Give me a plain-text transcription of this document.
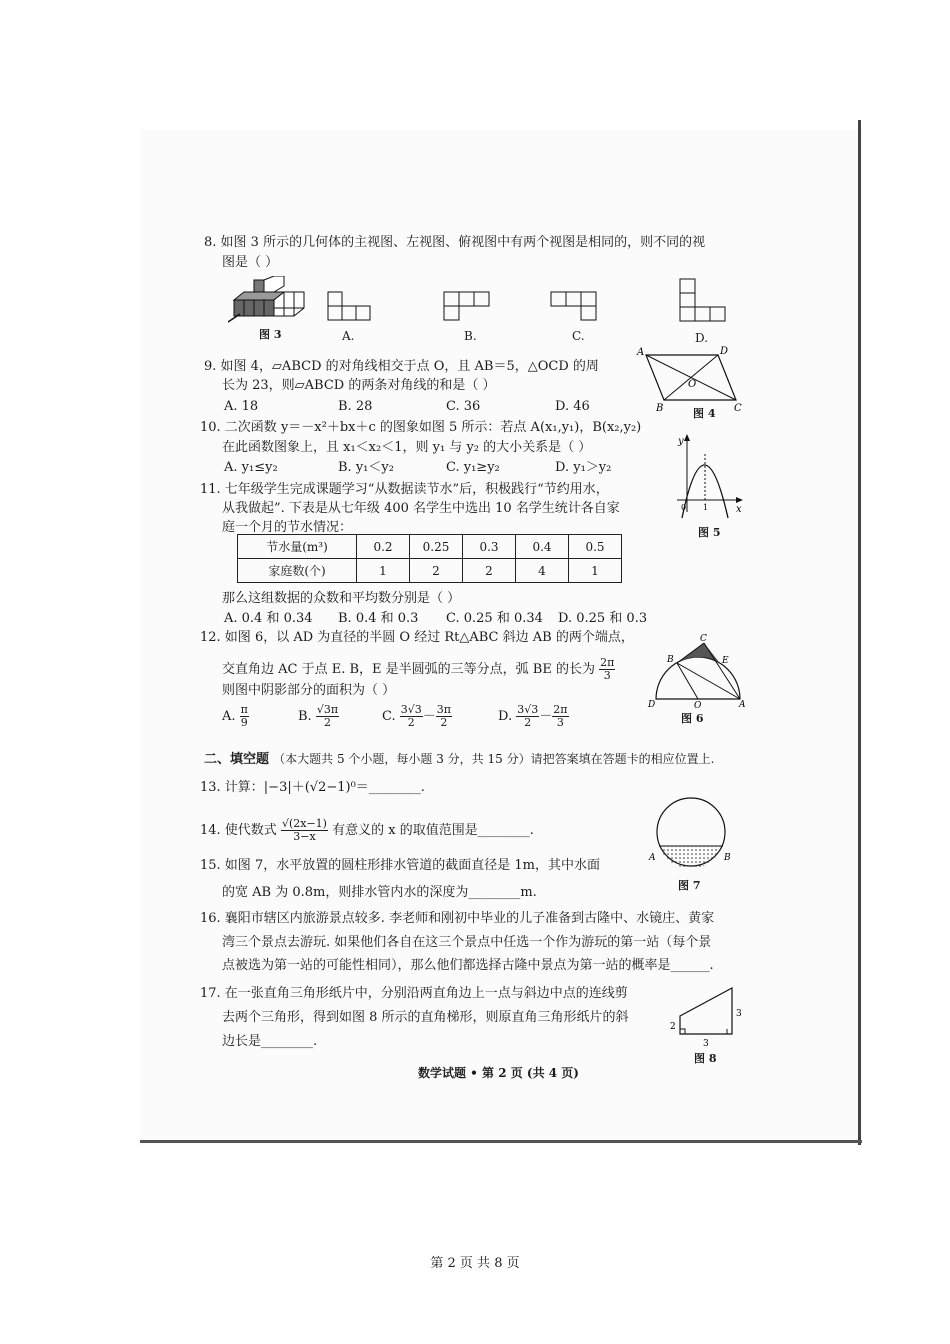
8. 如图 3 所示的几何体的主视图、左视图、俯视图中有两个视图是相同的，则不同的视
图是（ ）
图 3	A.	B.	C.	D.
9. 如图 4，▱ABCD 的对角线相交于点 O，且 AB＝5，△OCD 的周
长为 23，则▱ABCD 的两条对角线的和是（ ）
A. 18	B. 28	C. 36	D. 46
A	D
B	C
O
图 4
10. 二次函数 y＝－x²＋bx＋c 的图象如图 5 所示：若点 A(x₁,y₁)，B(x₂,y₂)
在此函数图象上，且 x₁＜x₂＜1，则 y₁ 与 y₂ 的大小关系是（ ）
A. y₁≤y₂	B. y₁＜y₂	C. y₁≥y₂	D. y₁＞y₂
y
x
0 1
图 5
11. 七年级学生完成课题学习“从数据读节水”后，积极践行“节约用水，
从我做起”. 下表是从七年级 400 名学生中选出 10 名学生统计各自家
庭一个月的节水情况：
节水量(m³)	0.2	0.25	0.3	0.4	0.5
家庭数(个)	1	2	2	4	1
那么这组数据的众数和平均数分别是（ ）
A. 0.4 和 0.34 B. 0.4 和 0.3 C. 0.25 和 0.34 D. 0.25 和 0.3
12. 如图 6，以 AD 为直径的半圆 O 经过 Rt△ABC 斜边 AB 的两个端点，
交直角边 AC 于点 E. B，E 是半圆弧的三等分点，弧 BE 的长为 $\frac{2\pi}{3}$
则图中阴影部分的面积为（ ）
A. $\frac{\pi}{9}$	B. $\frac{√3\pi}{2}$	C. $\frac{3√3}{2} - \frac{3\pi}{2}$	D. $\frac{3√3}{2} - \frac{2\pi}{3}$
C
E
B
D	O	A
图 6
二、填空题 （本大题共 5 个小题，每小题 3 分，共 15 分）请把答案填在答题卡的相应位置上.
13. 计算：|−3|＋(√2−1)⁰＝________.
14. 使代数式 $\frac{√(2x-1)}{3-x}$ 有意义的 x 的取值范围是________.
15. 如图 7，水平放置的圆柱形排水管道的截面直径是 1m，其中水面
的宽 AB 为 0.8m，则排水管内水的深度为________m.
A	B
图 7
16. 襄阳市辖区内旅游景点较多. 李老师和刚初中毕业的儿子准备到古隆中、水镜庄、黄家
湾三个景点去游玩. 如果他们各自在这三个景点中任选一个作为游玩的第一站（每个景
点被选为第一站的可能性相同），那么他们都选择古隆中景点为第一站的概率是______.
17. 在一张直角三角形纸片中，分别沿两直角边上一点与斜边中点的连线剪
去两个三角形，得到如图 8 所示的直角梯形，则原直角三角形纸片的斜
边长是________.
2
3
3
图 8
数学试题 • 第 2 页 (共 4 页)
第 2 页 共 8 页
